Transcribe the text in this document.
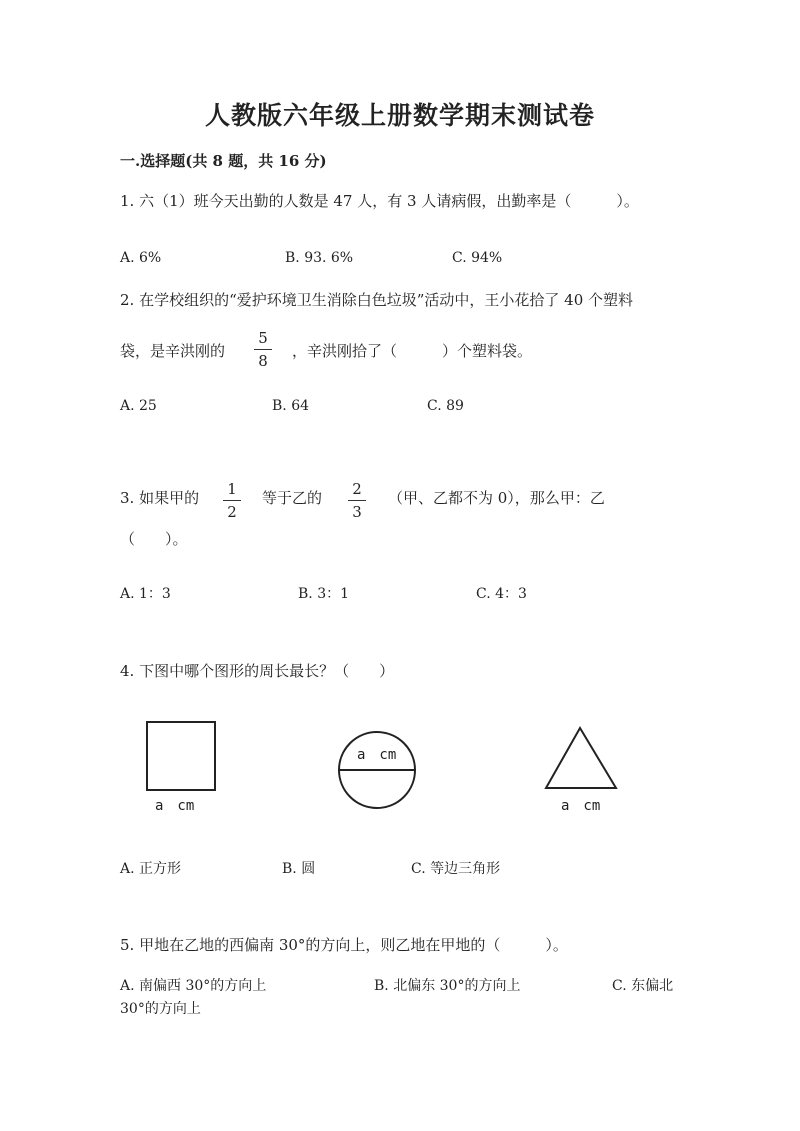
人教版六年级上册数学期末测试卷
一.选择题(共 8 题，共 16 分)
1. 六（1）班今天出勤的人数是 47 人，有 3 人请病假，出勤率是（　　　）。
A. 6%	B. 93. 6%	C. 94%
2. 在学校组织的“爱护环境卫生消除白色垃圾”活动中，王小花拾了 40 个塑料
袋，是辛洪刚的
5
8
，辛洪刚拾了（　　　）个塑料袋。
A. 25	B. 64	C. 89
3. 如果甲的	1
2
等于乙的	2
3
（甲、乙都不为 0），那么甲：乙
（　　）。
A. 1：3	B. 3：1	C. 4：3
4. 下图中哪个图形的周长最长？（　　）
a　cm
a　cm
a　cm
A. 正方形	B. 圆	C. 等边三角形
5. 甲地在乙地的西偏南 30°的方向上，则乙地在甲地的（　　　）。
A. 南偏西 30°的方向上	B. 北偏东 30°的方向上	C. 东偏北
30°的方向上
